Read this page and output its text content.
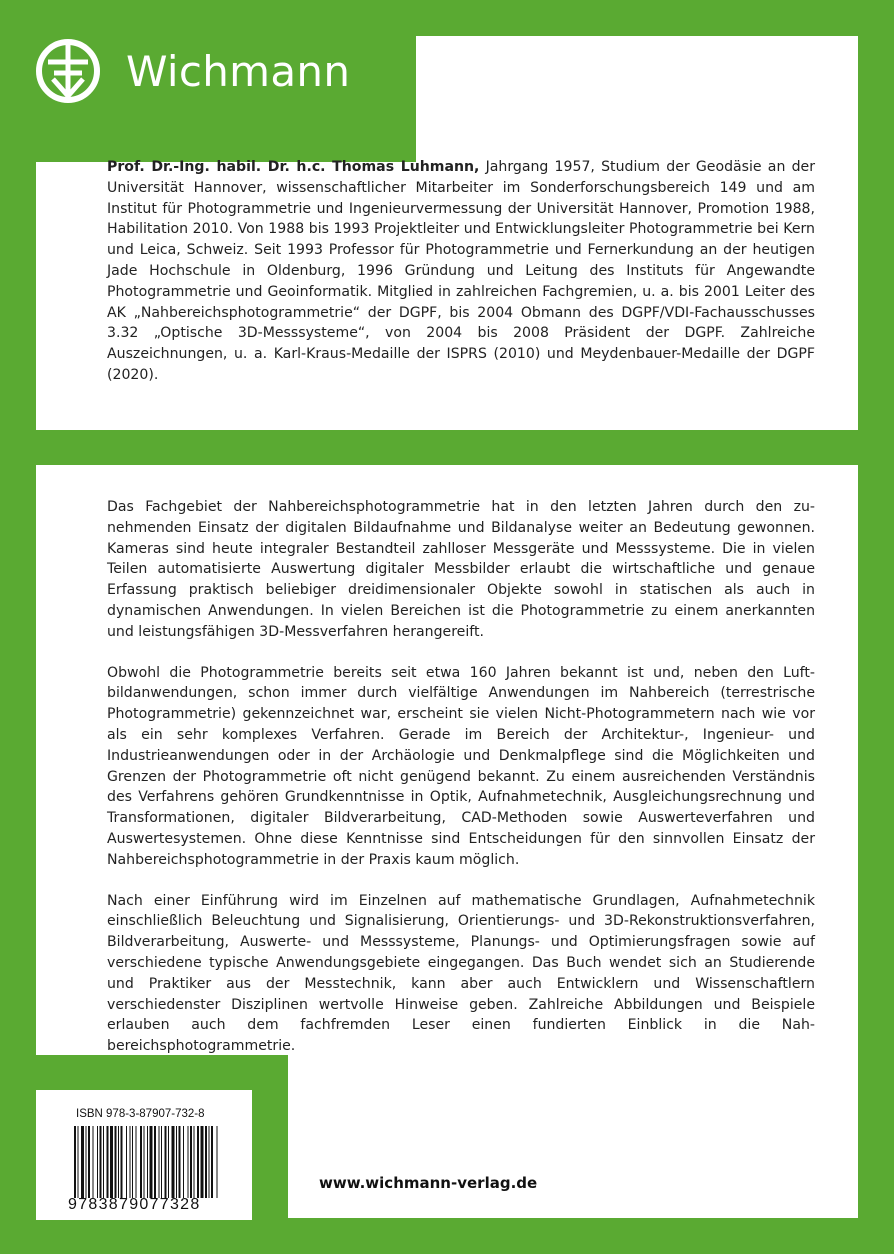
Wichmann

Prof. Dr.-Ing. habil. Dr. h.c. Thomas Luhmann, Jahrgang 1957, Studium der Geodäsie an der Universität Hannover, wissenschaftlicher Mitarbeiter im Sonderforschungsbereich 149 und am Institut für Photogrammetrie und Ingenieurvermessung der Universität Hannover, Promotion 1988, Habilitation 2010. Von 1988 bis 1993 Projektleiter und Entwicklungsleiter Photogrammetrie bei Kern und Leica, Schweiz. Seit 1993 Professor für Photogrammetrie und Fernerkundung an der heutigen Jade Hochschule in Oldenburg, 1996 Gründung und Leitung des Instituts für Angewandte Photogrammetrie und Geoinformatik. Mitglied in zahlreichen Fachgremien, u. a. bis 2001 Leiter des AK „Nahbereichsphotogrammetrie“ der DGPF, bis 2004 Obmann des DGPF/VDI-Fachausschusses 3.32 „Optische 3D-Messsysteme“, von 2004 bis 2008 Präsident der DGPF. Zahlreiche Auszeichnungen, u. a. Karl-Kraus-Medaille der ISPRS (2010) und Meydenbauer-Medaille der DGPF (2020).

Das Fachgebiet der Nahbereichsphotogrammetrie hat in den letzten Jahren durch den zunehmenden Einsatz der digitalen Bildaufnahme und Bildanalyse weiter an Bedeutung gewonnen. Kameras sind heute integraler Bestandteil zahlloser Messgeräte und Messsysteme. Die in vielen Teilen automatisierte Auswertung digitaler Messbilder erlaubt die wirtschaftliche und genaue Erfassung praktisch beliebiger dreidimensionaler Objekte sowohl in statischen als auch in dynamischen Anwendungen. In vielen Bereichen ist die Photogrammetrie zu einem anerkannten und leistungsfähigen 3D-Messverfahren herangereift.

Obwohl die Photogrammetrie bereits seit etwa 160 Jahren bekannt ist und, neben den Luftbildanwendungen, schon immer durch vielfältige Anwendungen im Nahbereich (terrestrische Photogrammetrie) gekennzeichnet war, erscheint sie vielen Nicht-Photogrammetern nach wie vor als ein sehr komplexes Verfahren. Gerade im Bereich der Architektur-, Ingenieur- und Industrieanwendungen oder in der Archäologie und Denkmalpflege sind die Möglichkeiten und Grenzen der Photogrammetrie oft nicht genügend bekannt. Zu einem ausreichenden Verständnis des Verfahrens gehören Grundkenntnisse in Optik, Aufnahmetechnik, Ausgleichungsrechnung und Transformationen, digitaler Bildverarbeitung, CAD-Methoden sowie Auswerteverfahren und Auswertesystemen. Ohne diese Kenntnisse sind Entscheidungen für den sinnvollen Einsatz der Nahbereichsphotogrammetrie in der Praxis kaum möglich.

Nach einer Einführung wird im Einzelnen auf mathematische Grundlagen, Aufnahmetechnik einschließlich Beleuchtung und Signalisierung, Orientierungs- und 3D-Rekonstruktionsverfahren, Bildverarbeitung, Auswerte- und Messsysteme, Planungs- und Optimierungsfragen sowie auf verschiedene typische Anwendungsgebiete eingegangen. Das Buch wendet sich an Studierende und Praktiker aus der Messtechnik, kann aber auch Entwicklern und Wissenschaftlern verschiedenster Disziplinen wertvolle Hinweise geben. Zahlreiche Abbildungen und Beispiele erlauben auch dem fachfremden Leser einen fundierten Einblick in die Nahbereichsphotogrammetrie.

ISBN 978-3-87907-732-8
9783879077328
www.wichmann-verlag.de
